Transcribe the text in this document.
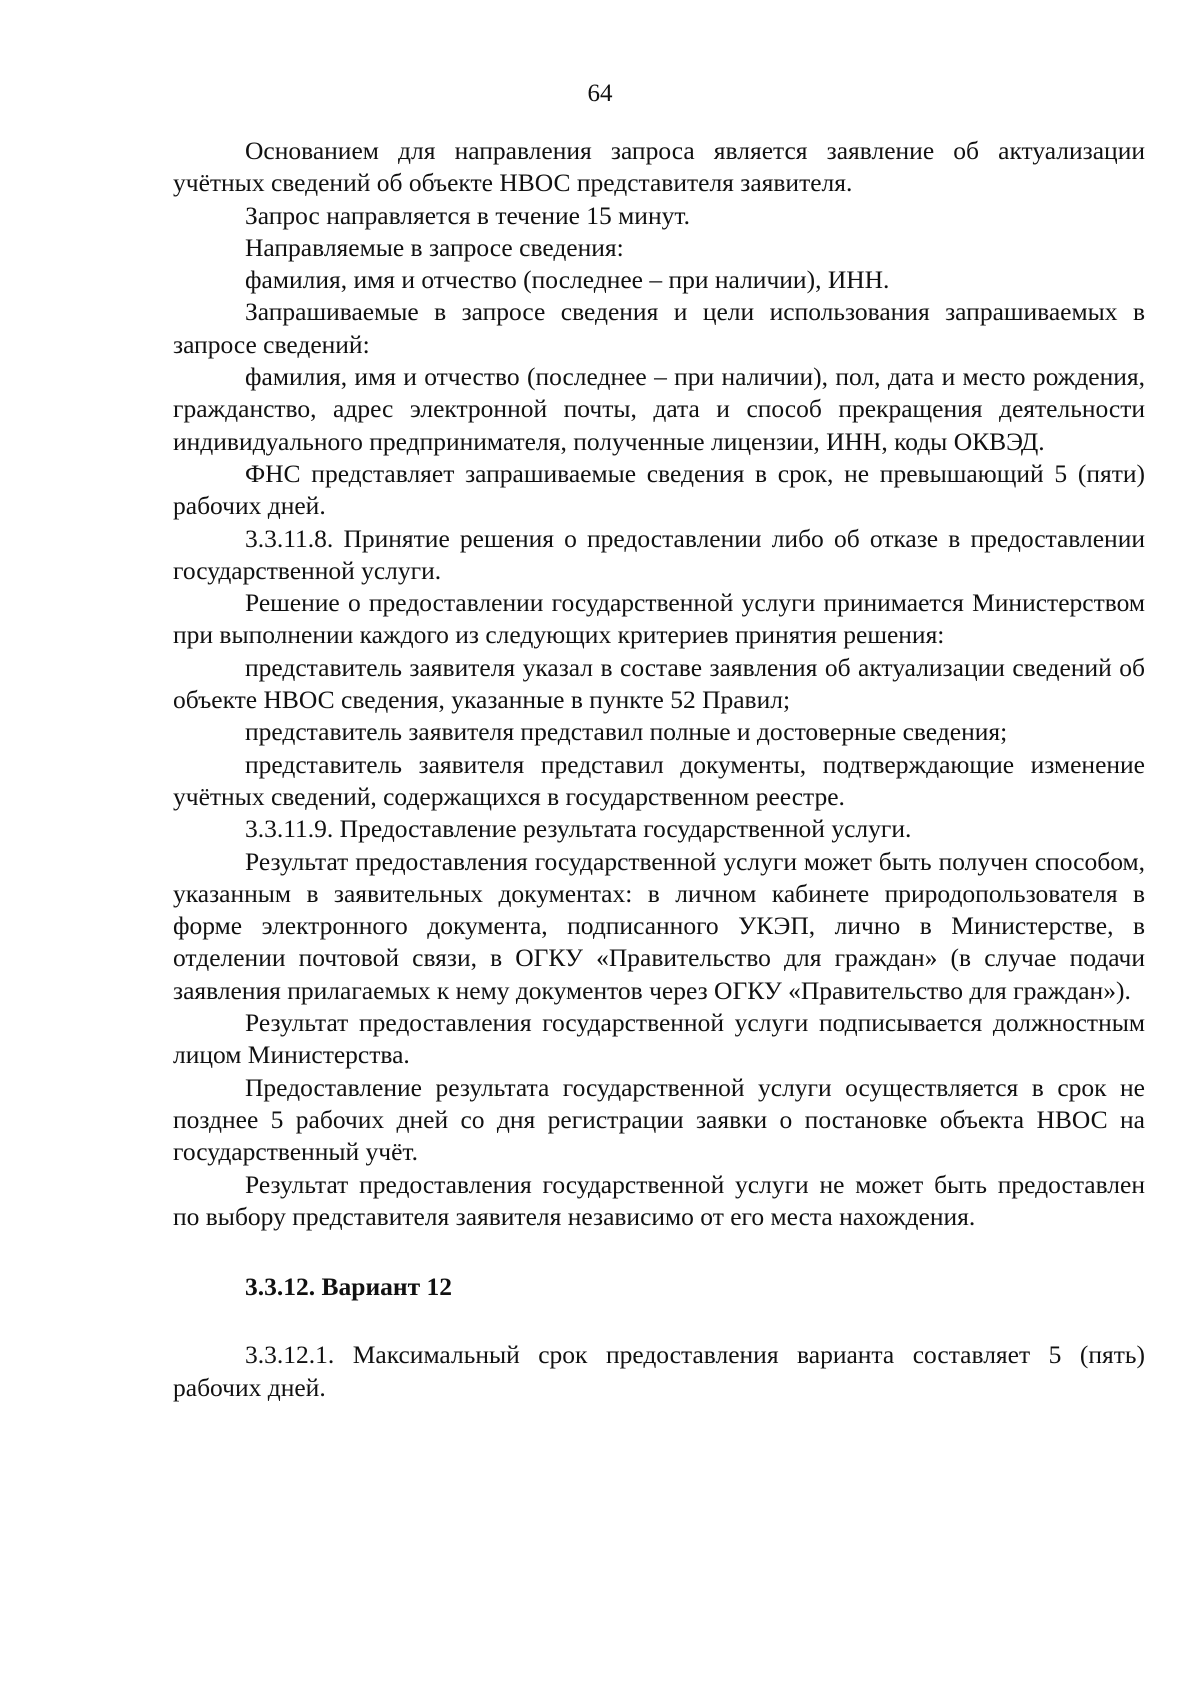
64

Основанием для направления запроса является заявление об актуализации учётных сведений об объекте НВОС представителя заявителя.

Запрос направляется в течение 15 минут.

Направляемые в запросе сведения:

фамилия, имя и отчество (последнее – при наличии), ИНН.

Запрашиваемые в запросе сведения и цели использования запрашиваемых в запросе сведений:

фамилия, имя и отчество (последнее – при наличии), пол, дата и место рождения, гражданство, адрес электронной почты, дата и способ прекращения деятельности индивидуального предпринимателя, полученные лицензии, ИНН, коды ОКВЭД.

ФНС представляет запрашиваемые сведения в срок, не превышающий 5 (пяти) рабочих дней.

3.3.11.8. Принятие решения о предоставлении либо об отказе в предоставлении государственной услуги.

Решение о предоставлении государственной услуги принимается Министерством при выполнении каждого из следующих критериев принятия решения:

представитель заявителя указал в составе заявления об актуализации сведений об объекте НВОС сведения, указанные в пункте 52 Правил;

представитель заявителя представил полные и достоверные сведения;

представитель заявителя представил документы, подтверждающие изменение учётных сведений, содержащихся в государственном реестре.

3.3.11.9. Предоставление результата государственной услуги.

Результат предоставления государственной услуги может быть получен способом, указанным в заявительных документах: в личном кабинете природопользователя в форме электронного документа, подписанного УКЭП, лично в Министерстве, в отделении почтовой связи, в ОГКУ «Правительство для граждан» (в случае подачи заявления прилагаемых к нему документов через ОГКУ «Правительство для граждан»).

Результат предоставления государственной услуги подписывается должностным лицом Министерства.

Предоставление результата государственной услуги осуществляется в срок не позднее 5 рабочих дней со дня регистрации заявки о постановке объекта НВОС на государственный учёт.

Результат предоставления государственной услуги не может быть предоставлен по выбору представителя заявителя независимо от его места нахождения.

3.3.12. Вариант 12

3.3.12.1. Максимальный срок предоставления варианта составляет 5 (пять) рабочих дней.
